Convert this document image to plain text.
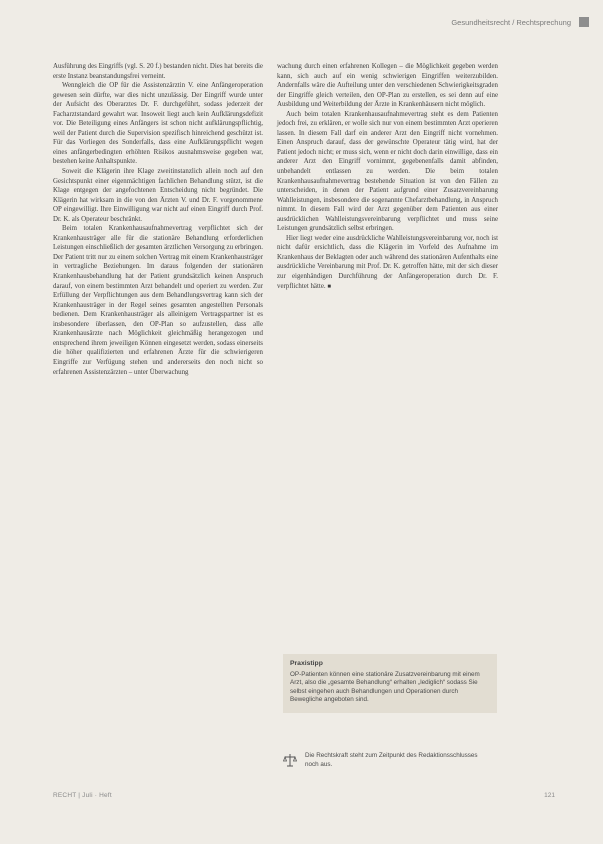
Gesundheitsrecht / Rechtsprechung

Ausführung des Eingriffs (vgl. S. 20 f.) bestanden nicht. Dies hat bereits die erste Instanz beanstandungsfrei verneint.

Wenngleich die OP für die Assistenzärztin V. eine Anfängeroperation gewesen sein dürfte, war dies nicht unzulässig. Der Eingriff wurde unter der Aufsicht des Oberarztes Dr. F. durchgeführt, sodass jederzeit der Facharztstandard gewahrt war. Insoweit liegt auch kein Aufklärungsdefizit vor. Die Beteiligung eines Anfängers ist schon nicht aufklärungspflichtig, weil der Patient durch die Supervision spezifisch hinreichend geschützt ist. Für das Vorliegen des Sonderfalls, dass eine Aufklärungspflicht wegen eines anfängerbedingten erhöhten Risikos ausnahmsweise gegeben war, bestehen keine Anhaltspunkte.

Soweit die Klägerin ihre Klage zweitinstanzlich allein noch auf den Gesichtspunkt einer eigenmächtigen fachlichen Behandlung stützt, ist die Klage entgegen der angefochtenen Entscheidung nicht begründet. Die Klägerin hat wirksam in die von den Ärzten V. und Dr. F. vorgenommene OP eingewilligt. Ihre Einwilligung war nicht auf einen Eingriff durch Prof. Dr. K. als Operateur beschränkt.

Beim totalen Krankenhausaufnahmevertrag verpflichtet sich der Krankenhausträger alle für die stationäre Behandlung erforderlichen Leistungen einschließlich der gesamten ärztlichen Versorgung zu erbringen. Der Patient tritt nur zu einem solchen Vertrag mit einem Krankenhausträger in vertragliche Beziehungen. Im daraus folgenden der stationären Krankenhausbehandlung hat der Patient grundsätzlich keinen Anspruch darauf, von einem bestimmten Arzt behandelt und operiert zu werden. Zur Erfüllung der Verpflichtungen aus dem Behandlungsvertrag kann sich der Krankenhausträger in der Regel seines gesamten angestellten Personals bedienen. Dem Krankenhausträger als alleinigem Vertragspartner ist es insbesondere überlassen, den OP-Plan so aufzustellen, dass alle Krankenhausärzte nach Möglichkeit gleichmäßig herangezogen und entsprechend ihrem jeweiligen Können eingesetzt werden, sodass einerseits die höher qualifizierten und erfahrenen Ärzte für die schwierigeren Eingriffe zur Verfügung stehen und andererseits den noch nicht so erfahrenen Assistenzärzten – unter Überwachung

wachung durch einen erfahrenen Kollegen – die Möglichkeit gegeben werden kann, sich auch auf ein wenig schwierigen Eingriffen weiterzubilden. Andernfalls wäre die Aufteilung unter den verschiedenen Schwierigkeitsgraden der Eingriffe gleich verteilen, den OP-Plan zu erstellen, es sei denn auf eine Ausbildung und Weiterbildung der Ärzte in Krankenhäusern nicht möglich.

Auch beim totalen Krankenhausaufnahmevertrag steht es dem Patienten jedoch frei, zu erklären, er wolle sich nur von einem bestimmten Arzt operieren lassen. In diesem Fall darf ein anderer Arzt den Eingriff nicht vornehmen. Einen Anspruch darauf, dass der gewünschte Operateur tätig wird, hat der Patient jedoch nicht; er muss sich, wenn er nicht doch darin einwillige, dass ein anderer Arzt den Eingriff vornimmt, gegebenenfalls damit abfinden, unbehandelt entlassen zu werden. Die beim totalen Krankenhausaufnahmevertrag bestehende Situation ist von den Fällen zu unterscheiden, in denen der Patient aufgrund einer Zusatzvereinbarung Wahlleistungen, insbesondere die sogenannte Chefarztbehandlung, in Anspruch nimmt. In diesem Fall wird der Arzt gegenüber dem Patienten aus einer ausdrücklichen Wahlleistungsvereinbarung verpflichtet und muss seine Leistungen grundsätzlich selbst erbringen.

Hier liegt weder eine ausdrückliche Wahlleistungsvereinbarung vor, noch ist nicht dafür ersichtlich, dass die Klägerin im Vorfeld des Aufnahme im Krankenhaus der Beklagten oder auch während des stationären Aufenthalts eine ausdrückliche Vereinbarung mit Prof. Dr. K. getroffen hätte, mit der sich dieser zur eigenhändigen Durchführung der Anfängeroperation durch Dr. F. verpflichtet hätte. ■

Praxistipp
OP-Patienten können eine stationäre Zusatzvereinbarung mit einem Arzt, also die „gesamte Behandlung“ erhalten „lediglich“ sodass Sie selbst eingehen auch Behandlungen und Operationen durch Bewegliche angeboten sind.
Die Rechtskraft steht zum Zeitpunkt des Redaktionsschlusses noch aus.
RECHT | Juli · Heft	121
